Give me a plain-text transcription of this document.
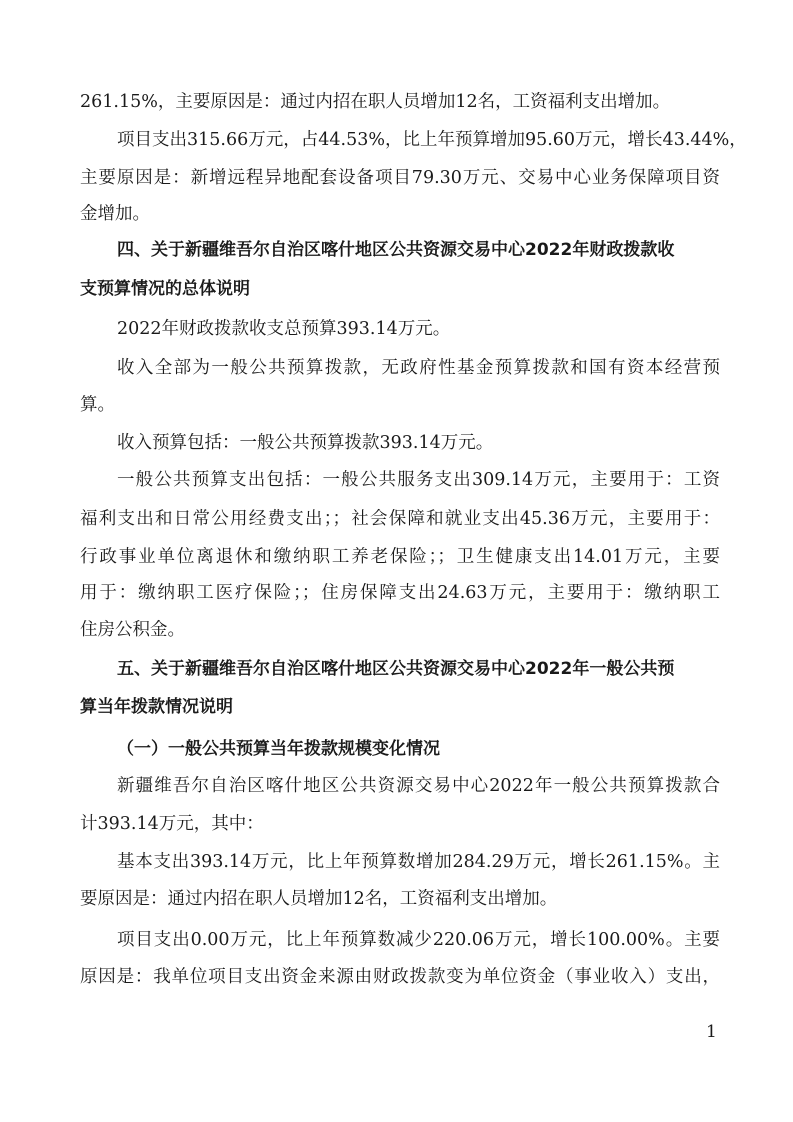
261.15%，主要原因是：通过内招在职人员增加12名，工资福利支出增加。
项目支出315.66万元，占44.53%，比上年预算增加95.60万元，增长43.44%，
主要原因是：新增远程异地配套设备项目79.30万元、交易中心业务保障项目资
金增加。
四、关于新疆维吾尔自治区喀什地区公共资源交易中心2022年财政拨款收
支预算情况的总体说明
2022年财政拨款收支总预算393.14万元。
收入全部为一般公共预算拨款，无政府性基金预算拨款和国有资本经营预
算。
收入预算包括：一般公共预算拨款393.14万元。
一般公共预算支出包括：一般公共服务支出309.14万元，主要用于：工资
福利支出和日常公用经费支出；；社会保障和就业支出45.36万元，主要用于：
行政事业单位离退休和缴纳职工养老保险；；卫生健康支出14.01万元，主要
用于：缴纳职工医疗保险；；住房保障支出24.63万元，主要用于：缴纳职工
住房公积金。
五、关于新疆维吾尔自治区喀什地区公共资源交易中心2022年一般公共预
算当年拨款情况说明
（一）一般公共预算当年拨款规模变化情况
新疆维吾尔自治区喀什地区公共资源交易中心2022年一般公共预算拨款合
计393.14万元，其中：
基本支出393.14万元，比上年预算数增加284.29万元，增长261.15%。主
要原因是：通过内招在职人员增加12名，工资福利支出增加。
项目支出0.00万元，比上年预算数减少220.06万元，增长100.00%。主要
原因是：我单位项目支出资金来源由财政拨款变为单位资金（事业收入）支出，
1
